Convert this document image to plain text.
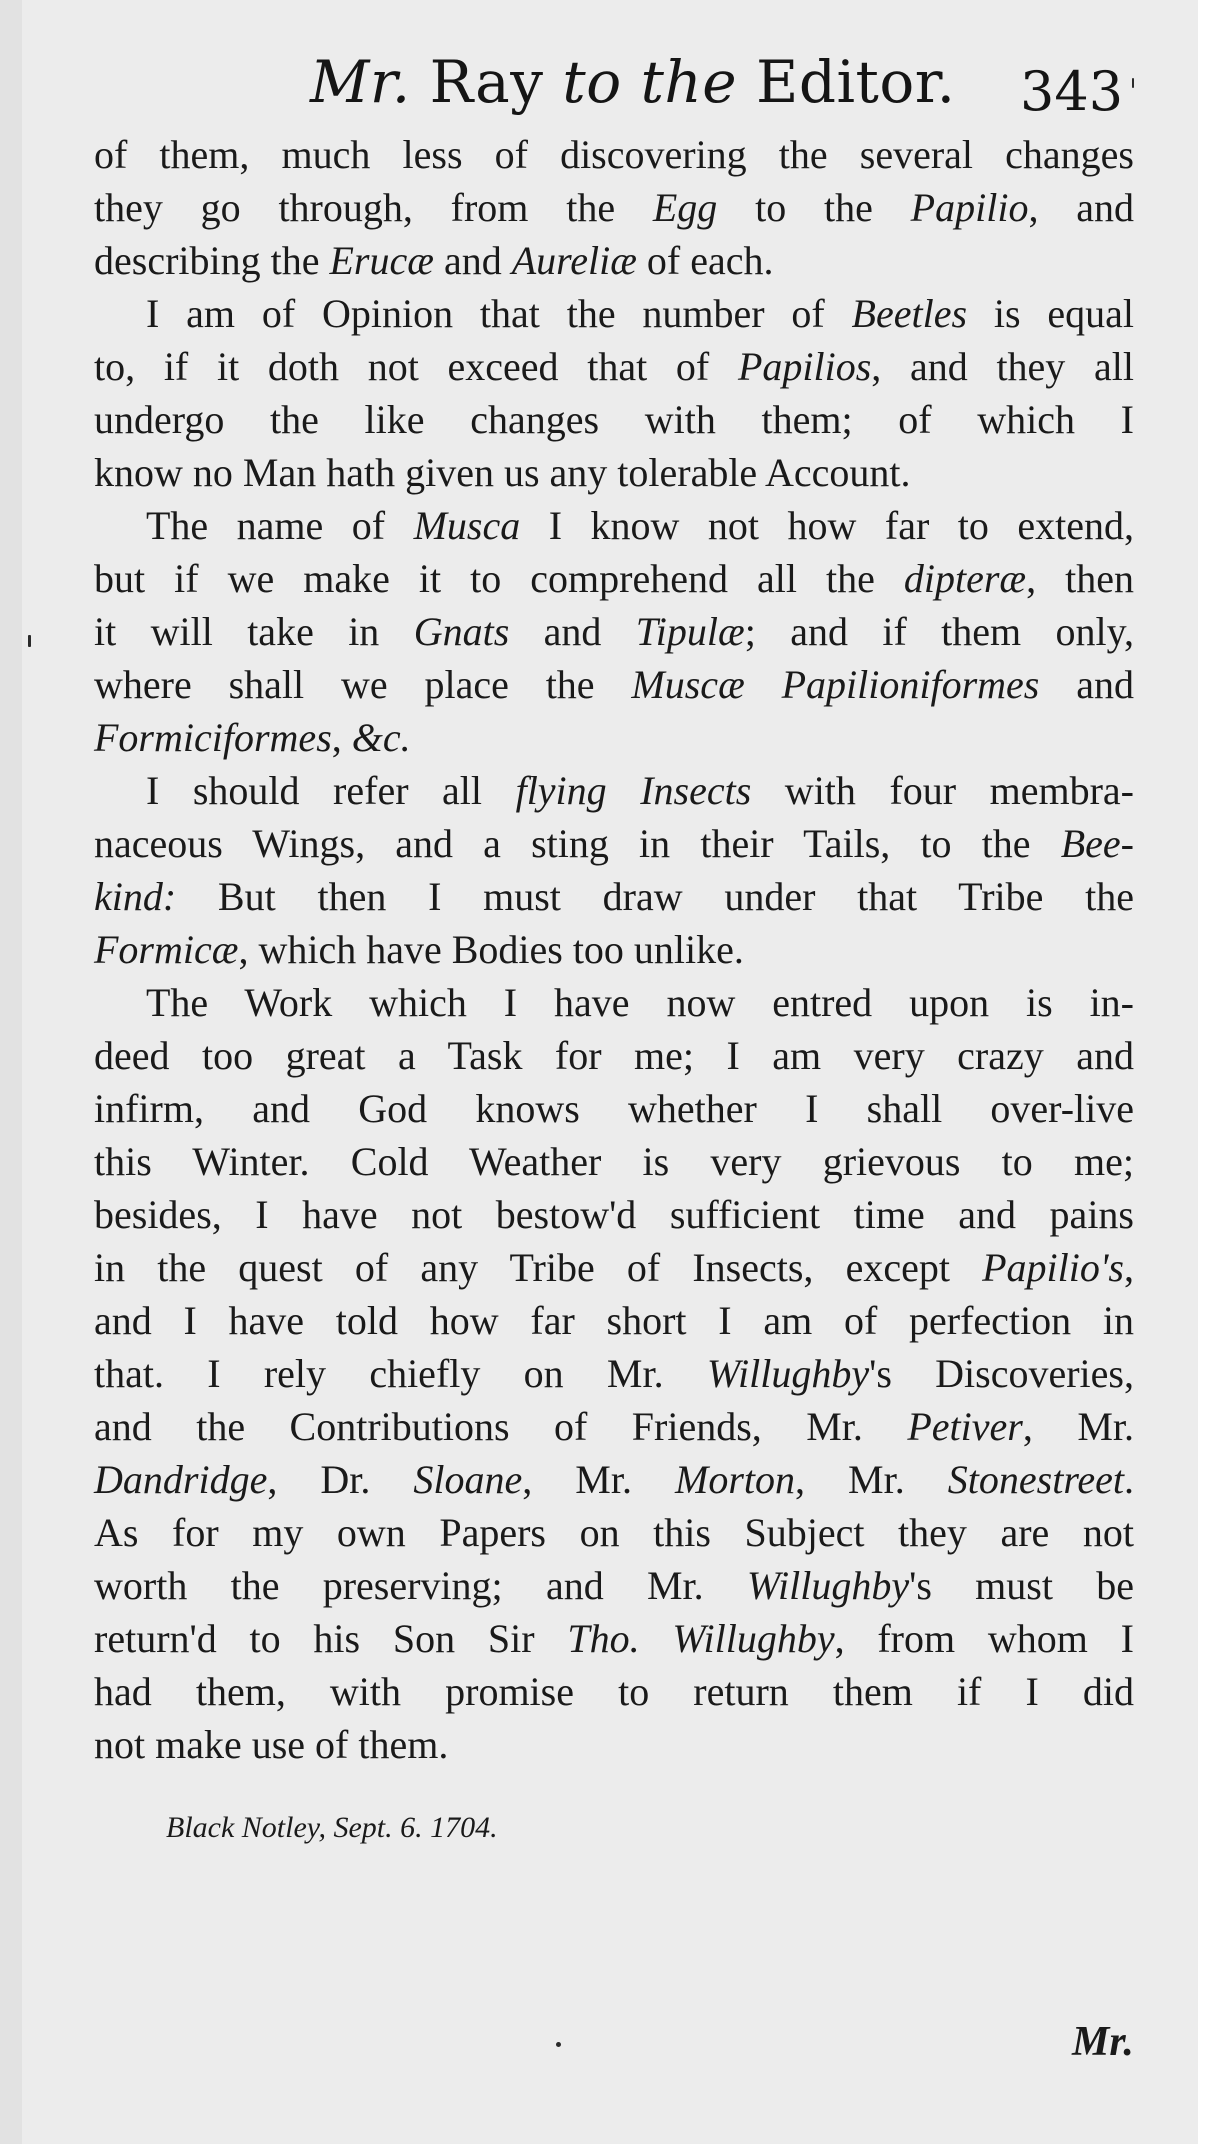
Mr. Ray to the Editor. 343
of them, much less of discovering the several changes
they go through, from the Egg to the Papilio, and
describing the Erucæ and Aureliæ of each.
I am of Opinion that the number of Beetles is equal
to, if it doth not exceed that of Papilios, and they all
undergo the like changes with them; of which I
know no Man hath given us any tolerable Account.
The name of Musca I know not how far to extend,
but if we make it to comprehend all the dipteræ, then
it will take in Gnats and Tipulæ; and if them only,
where shall we place the Muscæ Papilioniformes and
Formiciformes, &c.
I should refer all flying Insects with four membra-
naceous Wings, and a sting in their Tails, to the Bee-
kind: But then I must draw under that Tribe the
Formicæ, which have Bodies too unlike.
The Work which I have now entred upon is in-
deed too great a Task for me; I am very crazy and
infirm, and God knows whether I shall over-live
this Winter. Cold Weather is very grievous to me;
besides, I have not bestow'd sufficient time and pains
in the quest of any Tribe of Insects, except Papilio's,
and I have told how far short I am of perfection in
that. I rely chiefly on Mr. Willughby's Discoveries,
and the Contributions of Friends, Mr. Petiver, Mr.
Dandridge, Dr. Sloane, Mr. Morton, Mr. Stonestreet.
As for my own Papers on this Subject they are not
worth the preserving; and Mr. Willughby's must be
return'd to his Son Sir Tho. Willughby, from whom I
had them, with promise to return them if I did
not make use of them.
Black Notley, Sept. 6. 1704.
Mr.
